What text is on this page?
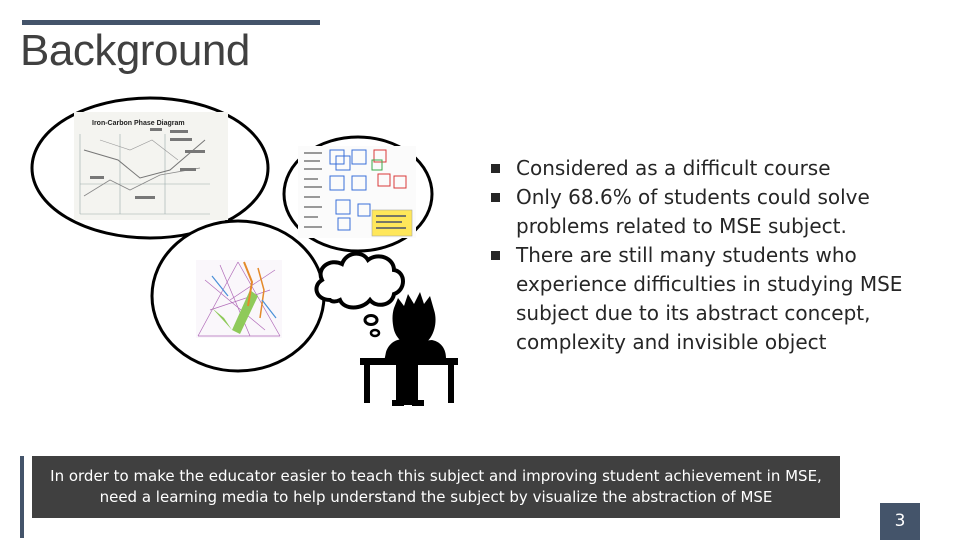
Background
Iron-Carbon Phase Diagram
Considered as a difficult course
Only 68.6% of students could solve problems related to MSE subject.
There are still many students who experience difficulties in studying MSE subject due to its abstract concept, complexity and invisible object
In order to make the educator easier to teach this subject and improving student achievement in MSE, need a learning media to help understand the subject by visualize the abstraction of MSE
3
